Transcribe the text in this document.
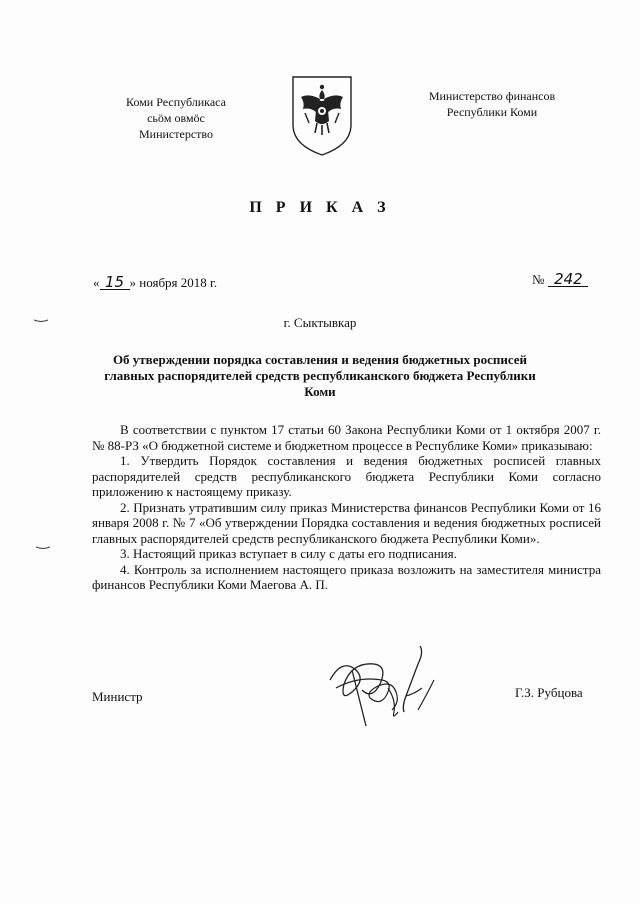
Коми Республикаса
сьӧм овмӧс
Министерство
Министерство финансов
Республики Коми
П Р И К А З
« 15 » ноября 2018 г.	№ 242
г. Сыктывкар
Об утверждении порядка составления и ведения бюджетных росписей главных распорядителей средств республиканского бюджета Республики Коми

В соответствии с пунктом 17 статьи 60 Закона Республики Коми от 1 октября 2007 г. № 88-РЗ «О бюджетной системе и бюджетном процессе в Республике Коми» приказываю:

1. Утвердить Порядок составления и ведения бюджетных росписей главных распорядителей средств республиканского бюджета Республики Коми согласно приложению к настоящему приказу.

2. Признать утратившим силу приказ Министерства финансов Республики Коми от 16 января 2008 г. № 7 «Об утверждении Порядка составления и ведения бюджетных росписей главных распорядителей средств республиканского бюджета Республики Коми».

3. Настоящий приказ вступает в силу с даты его подписания.

4. Контроль за исполнением настоящего приказа возложить на заместителя министра финансов Республики Коми Маегова А. П.

Министр	Г.З. Рубцова
